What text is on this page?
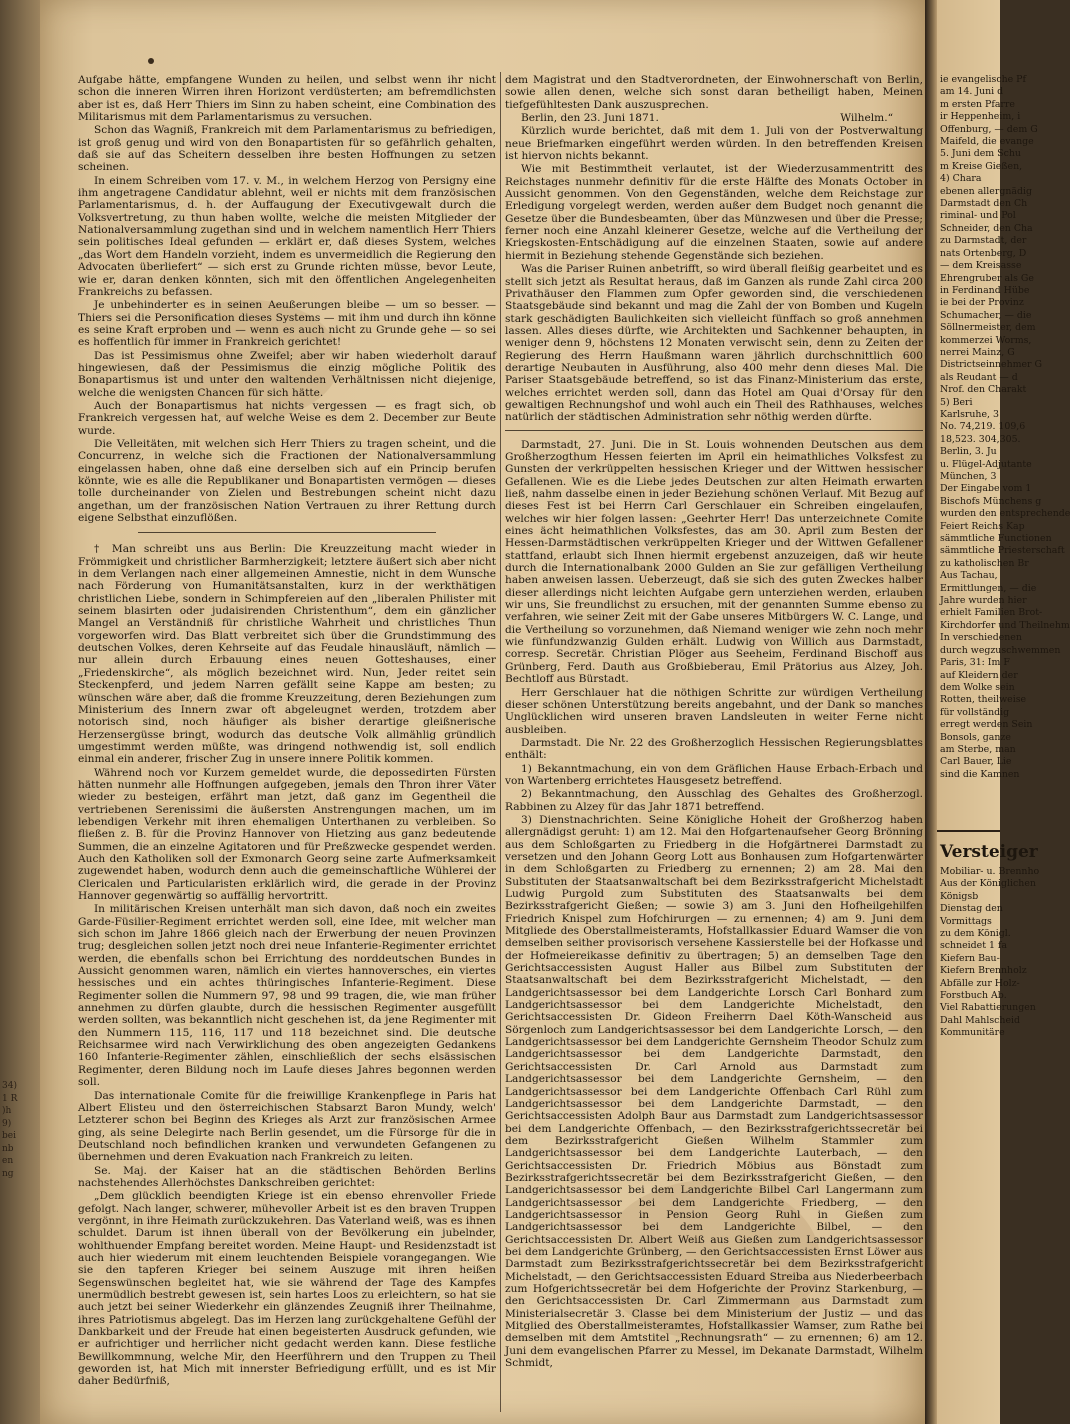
34)
1 R
)h
9)
bei
nb
en
ng

Aufgabe hätte, empfangene Wunden zu heilen, und selbst wenn ihr nicht schon die inneren Wirren ihren Horizont verdüsterten; am befremdlichsten aber ist es, daß Herr Thiers im Sinn zu haben scheint, eine Combination des Militarismus mit dem Parlamentarismus zu versuchen.

Schon das Wagniß, Frankreich mit dem Parlamentarismus zu befriedigen, ist groß genug und wird von den Bonapartisten für so gefährlich gehalten, daß sie auf das Scheitern desselben ihre besten Hoffnungen zu setzen scheinen.

In einem Schreiben vom 17. v. M., in welchem Herzog von Persigny eine ihm angetragene Candidatur ablehnt, weil er nichts mit dem französischen Parlamentarismus, d. h. der Auffaugung der Executivgewalt durch die Volksvertretung, zu thun haben wollte, welche die meisten Mitglieder der Nationalversammlung zugethan sind und in welchem namentlich Herr Thiers sein politisches Ideal gefunden — erklärt er, daß dieses System, welches „das Wort dem Handeln vorzieht, indem es unvermeidlich die Regierung den Advocaten überliefert“ — sich erst zu Grunde richten müsse, bevor Leute, wie er, daran denken könnten, sich mit den öffentlichen Angelegenheiten Frankreichs zu befassen.

Je unbehinderter es in seinen Aeußerungen bleibe — um so besser. — Thiers sei die Personification dieses Systems — mit ihm und durch ihn könne es seine Kraft erproben und — wenn es auch nicht zu Grunde gehe — so sei es hoffentlich für immer in Frankreich gerichtet!

Das ist Pessimismus ohne Zweifel; aber wir haben wiederholt darauf hingewiesen, daß der Pessimismus die einzig mögliche Politik des Bonapartismus ist und unter den waltenden Verhältnissen nicht diejenige, welche die wenigsten Chancen für sich hätte.

Auch der Bonapartismus hat nichts vergessen — es fragt sich, ob Frankreich vergessen hat, auf welche Weise es dem 2. December zur Beute wurde.

Die Velleitäten, mit welchen sich Herr Thiers zu tragen scheint, und die Concurrenz, in welche sich die Fractionen der Nationalversammlung eingelassen haben, ohne daß eine derselben sich auf ein Princip berufen könnte, wie es alle die Republikaner und Bonapartisten vermögen — dieses tolle durcheinander von Zielen und Bestrebungen scheint nicht dazu angethan, um der französischen Nation Vertrauen zu ihrer Rettung durch eigene Selbsthat einzuflößen.

† Man schreibt uns aus Berlin: Die Kreuzzeitung macht wieder in Frömmigkeit und christlicher Barmherzigkeit; letztere äußert sich aber nicht in dem Verlangen nach einer allgemeinen Amnestie, nicht in dem Wunsche nach Förderung von Humanitätsanstalten, kurz in der werkthätigen christlichen Liebe, sondern in Schimpfereien auf den „liberalen Philister mit seinem blasirten oder judaisirenden Christenthum“, dem ein gänzlicher Mangel an Verständniß für christliche Wahrheit und christliches Thun vorgeworfen wird. Das Blatt verbreitet sich über die Grundstimmung des deutschen Volkes, deren Kehrseite auf das Feudale hinausläuft, nämlich — nur allein durch Erbauung eines neuen Gotteshauses, einer „Friedenskirche“, als möglich bezeichnet wird. Nun, Jeder reitet sein Steckenpferd, und jedem Narren gefällt seine Kappe am besten; zu wünschen wäre aber, daß die fromme Kreuzzeitung, deren Beziehungen zum Ministerium des Innern zwar oft abgeleugnet werden, trotzdem aber notorisch sind, noch häufiger als bisher derartige gleißnerische Herzensergüsse bringt, wodurch das deutsche Volk allmählig gründlich umgestimmt werden müßte, was dringend nothwendig ist, soll endlich einmal ein anderer, frischer Zug in unsere innere Politik kommen.

Während noch vor Kurzem gemeldet wurde, die depossedirten Fürsten hätten nunmehr alle Hoffnungen aufgegeben, jemals den Thron ihrer Väter wieder zu besteigen, erfährt man jetzt, daß ganz im Gegentheil die vertriebenen Serenissimi die äußersten Anstrengungen machen, um im lebendigen Verkehr mit ihren ehemaligen Unterthanen zu verbleiben. So fließen z. B. für die Provinz Hannover von Hietzing aus ganz bedeutende Summen, die an einzelne Agitatoren und für Preßzwecke gespendet werden. Auch den Katholiken soll der Exmonarch Georg seine zarte Aufmerksamkeit zugewendet haben, wodurch denn auch die gemeinschaftliche Wühlerei der Clericalen und Particularisten erklärlich wird, die gerade in der Provinz Hannover gegenwärtig so auffällig hervortritt.

In militärischen Kreisen unterhält man sich davon, daß noch ein zweites Garde-Füsilier-Regiment errichtet werden soll, eine Idee, mit welcher man sich schon im Jahre 1866 gleich nach der Erwerbung der neuen Provinzen trug; desgleichen sollen jetzt noch drei neue Infanterie-Regimenter errichtet werden, die ebenfalls schon bei Errichtung des norddeutschen Bundes in Aussicht genommen waren, nämlich ein viertes hannoversches, ein viertes hessisches und ein achtes thüringisches Infanterie-Regiment. Diese Regimenter sollen die Nummern 97, 98 und 99 tragen, die, wie man früher annehmen zu dürfen glaubte, durch die hessischen Regimenter ausgefüllt werden sollten, was bekanntlich nicht geschehen ist, da jene Regimenter mit den Nummern 115, 116, 117 und 118 bezeichnet sind. Die deutsche Reichsarmee wird nach Verwirklichung des oben angezeigten Gedankens 160 Infanterie-Regimenter zählen, einschließlich der sechs elsässischen Regimenter, deren Bildung noch im Laufe dieses Jahres begonnen werden soll.

Das internationale Comite für die freiwillige Krankenpflege in Paris hat Albert Elisteu und den österreichischen Stabsarzt Baron Mundy, welch' Letzterer schon bei Beginn des Krieges als Arzt zur französischen Armee ging, als seine Delegirte nach Berlin gesendet, um die Fürsorge für die in Deutschland noch befindlichen kranken und verwundeten Gefangenen zu übernehmen und deren Evakuation nach Frankreich zu leiten.

Se. Maj. der Kaiser hat an die städtischen Behörden Berlins nachstehendes Allerhöchstes Dankschreiben gerichtet:

„Dem glücklich beendigten Kriege ist ein ebenso ehrenvoller Friede gefolgt. Nach langer, schwerer, mühevoller Arbeit ist es den braven Truppen vergönnt, in ihre Heimath zurückzukehren. Das Vaterland weiß, was es ihnen schuldet. Darum ist ihnen überall von der Bevölkerung ein jubelnder, wohlthuender Empfang bereitet worden. Meine Haupt- und Residenzstadt ist auch hier wiederum mit einem leuchtenden Beispiele vorangegangen. Wie sie den tapferen Krieger bei seinem Auszuge mit ihren heißen Segenswünschen begleitet hat, wie sie während der Tage des Kampfes unermüdlich bestrebt gewesen ist, sein hartes Loos zu erleichtern, so hat sie auch jetzt bei seiner Wiederkehr ein glänzendes Zeugniß ihrer Theilnahme, ihres Patriotismus abgelegt. Das im Herzen lang zurückgehaltene Gefühl der Dankbarkeit und der Freude hat einen begeisterten Ausdruck gefunden, wie er aufrichtiger und herrlicher nicht gedacht werden kann. Diese festliche Bewillkommnung, welche Mir, den Heerführern und den Truppen zu Theil geworden ist, hat Mich mit innerster Befriedigung erfüllt, und es ist Mir daher Bedürfniß,

dem Magistrat und den Stadtverordneten, der Einwohnerschaft von Berlin, sowie allen denen, welche sich sonst daran betheiligt haben, Meinen tiefgefühltesten Dank auszusprechen.

Berlin, den 23. Juni 1871.	Wilhelm.“

Kürzlich wurde berichtet, daß mit dem 1. Juli von der Postverwaltung neue Briefmarken eingeführt werden würden. In den betreffenden Kreisen ist hiervon nichts bekannt.

Wie mit Bestimmtheit verlautet, ist der Wiederzusammentritt des Reichstages nunmehr definitiv für die erste Hälfte des Monats October in Aussicht genommen. Von den Gegenständen, welche dem Reichstage zur Erledigung vorgelegt werden, werden außer dem Budget noch genannt die Gesetze über die Bundesbeamten, über das Münzwesen und über die Presse; ferner noch eine Anzahl kleinerer Gesetze, welche auf die Vertheilung der Kriegskosten-Entschädigung auf die einzelnen Staaten, sowie auf andere hiermit in Beziehung stehende Gegenstände sich beziehen.

Was die Pariser Ruinen anbetrifft, so wird überall fleißig gearbeitet und es stellt sich jetzt als Resultat heraus, daß im Ganzen als runde Zahl circa 200 Privathäuser den Flammen zum Opfer geworden sind, die verschiedenen Staatsgebäude sind bekannt und mag die Zahl der von Bomben und Kugeln stark geschädigten Baulichkeiten sich vielleicht fünffach so groß annehmen lassen. Alles dieses dürfte, wie Architekten und Sachkenner behaupten, in weniger denn 9, höchstens 12 Monaten verwischt sein, denn zu Zeiten der Regierung des Herrn Haußmann waren jährlich durchschnittlich 600 derartige Neubauten in Ausführung, also 400 mehr denn dieses Mal. Die Pariser Staatsgebäude betreffend, so ist das Finanz-Ministerium das erste, welches errichtet werden soll, dann das Hotel am Quai d'Orsay für den gewaltigen Rechnungshof und wohl auch ein Theil des Rathhauses, welches natürlich der städtischen Administration sehr nöthig werden dürfte.

Darmstadt, 27. Juni. Die in St. Louis wohnenden Deutschen aus dem Großherzogthum Hessen feierten im April ein heimathliches Volksfest zu Gunsten der verkrüppelten hessischen Krieger und der Wittwen hessischer Gefallenen. Wie es die Liebe jedes Deutschen zur alten Heimath erwarten ließ, nahm dasselbe einen in jeder Beziehung schönen Verlauf. Mit Bezug auf dieses Fest ist bei Herrn Carl Gerschlauer ein Schreiben eingelaufen, welches wir hier folgen lassen: „Geehrter Herr! Das unterzeichnete Comite eines ächt heimathlichen Volksfestes, das am 30. April zum Besten der Hessen-Darmstädtischen verkrüppelten Krieger und der Wittwen Gefallener stattfand, erlaubt sich Ihnen hiermit ergebenst anzuzeigen, daß wir heute durch die Internationalbank 2000 Gulden an Sie zur gefälligen Vertheilung haben anweisen lassen. Ueberzeugt, daß sie sich des guten Zweckes halber dieser allerdings nicht leichten Aufgabe gern unterziehen werden, erlauben wir uns, Sie freundlichst zu ersuchen, mit der genannten Summe ebenso zu verfahren, wie seiner Zeit mit der Gabe unseres Mitbürgers W. C. Lange, und die Vertheilung so vorzunehmen, daß Niemand weniger wie zehn noch mehr wie fünfundzwanzig Gulden erhält. Ludwig von Willich aus Darmstadt, corresp. Secretär. Christian Plöger aus Seeheim, Ferdinand Bischoff aus Grünberg, Ferd. Dauth aus Großbieberau, Emil Prätorius aus Alzey, Joh. Bechtloff aus Bürstadt.

Herr Gerschlauer hat die nöthigen Schritte zur würdigen Vertheilung dieser schönen Unterstützung bereits angebahnt, und der Dank so manches Unglücklichen wird unseren braven Landsleuten in weiter Ferne nicht ausbleiben.

Darmstadt. Die Nr. 22 des Großherzoglich Hessischen Regierungsblattes enthält:

1) Bekanntmachung, ein von dem Gräflichen Hause Erbach-Erbach und von Wartenberg errichtetes Hausgesetz betreffend.

2) Bekanntmachung, den Ausschlag des Gehaltes des Großherzogl. Rabbinen zu Alzey für das Jahr 1871 betreffend.

3) Dienstnachrichten. Seine Königliche Hoheit der Großherzog haben allergnädigst geruht: 1) am 12. Mai den Hofgartenaufseher Georg Brönning aus dem Schloßgarten zu Friedberg in die Hofgärtnerei Darmstadt zu versetzen und den Johann Georg Lott aus Bonhausen zum Hofgartenwärter in dem Schloßgarten zu Friedberg zu ernennen; 2) am 28. Mai den Substituten der Staatsanwaltschaft bei dem Bezirksstrafgericht Michelstadt Ludwig Purgold zum Substituten des Staatsanwalts bei dem Bezirksstrafgericht Gießen; — sowie 3) am 3. Juni den Hofheilgehilfen Friedrich Knispel zum Hofchirurgen — zu ernennen; 4) am 9. Juni dem Mitgliede des Oberstallmeisteramts, Hofstallkassier Eduard Wamser die von demselben seither provisorisch versehene Kassierstelle bei der Hofkasse und der Hofmeiereikasse definitiv zu übertragen; 5) an demselben Tage den Gerichtsaccessisten August Haller aus Bilbel zum Substituten der Staatsanwaltschaft bei dem Bezirksstrafgericht Michelstadt, — den Landgerichtsassessor bei dem Landgerichte Lorsch Carl Bonhard zum Landgerichtsassessor bei dem Landgerichte Michelstadt, den Gerichtsaccessisten Dr. Gideon Freiherrn Dael Köth-Wanscheid aus Sörgenloch zum Landgerichtsassessor bei dem Landgerichte Lorsch, — den Landgerichtsassessor bei dem Landgerichte Gernsheim Theodor Schulz zum Landgerichtsassessor bei dem Landgerichte Darmstadt, den Gerichtsaccessisten Dr. Carl Arnold aus Darmstadt zum Landgerichtsassessor bei dem Landgerichte Gernsheim, — den Landgerichtsassessor bei dem Landgerichte Offenbach Carl Rühl zum Landgerichtsassessor bei dem Landgerichte Darmstadt, — den Gerichtsaccessisten Adolph Baur aus Darmstadt zum Landgerichtsassessor bei dem Landgerichte Offenbach, — den Bezirksstrafgerichtssecretär bei dem Bezirksstrafgericht Gießen Wilhelm Stammler zum Landgerichtsassessor bei dem Landgerichte Lauterbach, — den Gerichtsaccessisten Dr. Friedrich Möbius aus Bönstadt zum Bezirksstrafgerichtssecretär bei dem Bezirksstrafgericht Gießen, — den Landgerichtsassessor bei dem Landgerichte Bilbel Carl Langermann zum Landgerichtsassessor bei dem Landgerichte Friedberg, — den Landgerichtsassessor in Pension Georg Ruhl in Gießen zum Landgerichtsassessor bei dem Landgerichte Bilbel, — den Gerichtsaccessisten Dr. Albert Weiß aus Gießen zum Landgerichtsassessor bei dem Landgerichte Grünberg, — den Gerichtsaccessisten Ernst Löwer aus Darmstadt zum Bezirksstrafgerichtssecretär bei dem Bezirksstrafgericht Michelstadt, — den Gerichtsaccessisten Eduard Streiba aus Niederbeerbach zum Hofgerichtssecretär bei dem Hofgerichte der Provinz Starkenburg, — den Gerichtsaccessisten Dr. Carl Zimmermann aus Darmstadt zum Ministerialsecretär 3. Classe bei dem Ministerium der Justiz — und das Mitglied des Oberstallmeisteramtes, Hofstallkassier Wamser, zum Rathe bei demselben mit dem Amtstitel „Rechnungsrath“ — zu ernennen; 6) am 12. Juni dem evangelischen Pfarrer zu Messel, im Dekanate Darmstadt, Wilhelm Schmidt,

ie evangelische Pf
am 14. Juni d
m ersten Pfarre
ir Heppenheim, i
Offenburg, — dem G
Maifeld, die evange
5. Juni dem Schu
m Kreise Gießen,
4) Chara
ebenen allergnädig
Darmstadt den Ch
riminal- und Pol
Schneider, den Cha
zu Darmstadt, der
nats Ortenberg, D
— dem Kreisasse
Ehrengruber als Ge
in Ferdinand Hübe
ie bei der Provinz
Schumacher, — die
Söllnermeister, dem
kommerzei Worms,
nerrei Mainz, G
Districtseinnehmer G
als Reudant — d
Nrof. den Charakt
5) Beri
Karlsruhe, 3
No. 74,219. 109,6
18,523. 304,305.
Berlin, 3. Ju
u. Flügel-Adjutante
München, 3
Der Eingabe vom 1
Bischofs Münchens g
wurden den entsprechende
Feiert Reichs Kap
sämmtliche Functionen
sämmtliche Priesterschaft
zu katholischen Br
Aus Tachau,
Ermittlungen, — die
Jahre wurden hier
erhielt Familien Brot-
Kirchdorfer und Theilnehm
In verschiedenen
durch wegzuschwemmen
Paris, 31: Im F
auf Kleidern der
dem Wolke sein
Rotten, theilweise
für vollständig
erregt werden Sein
Bonsols, ganze
am Sterbe, man
Carl Bauer, Lie
sind die Kamnen
Versteiger
Mobiliar- u. Brennho
Aus der Königlichen
Königsb
Dienstag den
Vormittags
zu dem Königl.
schneidet 1 fa
Kiefern Bau-
Kiefern Brennholz
Abfälle zur Holz-
Forstbuch Ab.
Viel Rabattierungen
Dahl Mahlscheid
Kommunitäre
